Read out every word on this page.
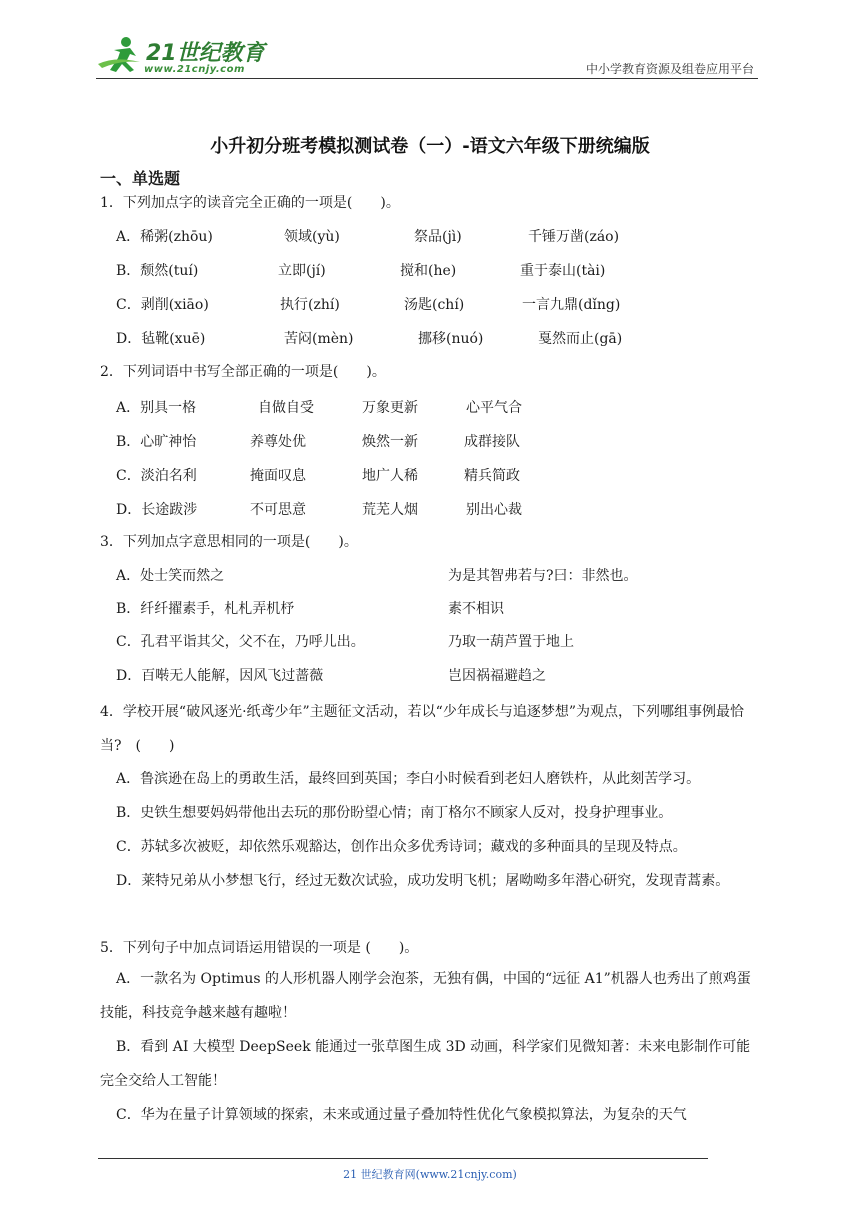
21世纪教育
www.21cnjy.com	中小学教育资源及组卷应用平台
小升初分班考模拟测试卷（一）-语文六年级下册统编版
一、单选题
1．下列加点字的读音完全正确的一项是(　　)。
A．稀粥(zhōu)	领域(yù)	祭品(jì)	千锤万凿(záo)
B．颓然(tuí)	立即(jí)	搅和(he)	重于泰山(tài)
C．剥削(xiāo)	执行(zhí)	汤匙(chí)	一言九鼎(dǐng)
D．毡靴(xuē)	苦闷(mèn)	挪移(nuó)	戛然而止(gā)
2．下列词语中书写全部正确的一项是(　　)。
A．别具一格	自做自受	万象更新	心平气合
B．心旷神怡	养尊处优	焕然一新	成群接队
C．淡泊名利	掩面叹息	地广人稀	精兵简政
D．长途跋涉	不可思意	荒芜人烟	别出心裁
3．下列加点字意思相同的一项是(　　)。
A．处士笑而然之	为是其智弗若与?曰：非然也。
B．纤纤擢素手，札札弄机杼	素不相识
C．孔君平诣其父，父不在，乃呼儿出。	乃取一葫芦置于地上
D．百啭无人能解，因风飞过蔷薇	岂因祸福避趋之
4．学校开展“破风逐光·纸鸢少年”主题征文活动，若以“少年成长与追逐梦想”为观点，下列哪组事例最恰当?　(　　)
A．鲁滨逊在岛上的勇敢生活，最终回到英国；李白小时候看到老妇人磨铁杵，从此刻苦学习。
B．史铁生想要妈妈带他出去玩的那份盼望心情；南丁格尔不顾家人反对，投身护理事业。
C．苏轼多次被贬，却依然乐观豁达，创作出众多优秀诗词；藏戏的多种面具的呈现及特点。
D．莱特兄弟从小梦想飞行，经过无数次试验，成功发明飞机；屠呦呦多年潜心研究，发现青蒿素。
5．下列句子中加点词语运用错误的一项是 (　　)。
A．一款名为 Optimus 的人形机器人刚学会泡茶，无独有偶，中国的“远征 A1”机器人也秀出了煎鸡蛋技能，科技竞争越来越有趣啦！
B．看到 AI 大模型 DeepSeek 能通过一张草图生成 3D 动画，科学家们见微知著：未来电影制作可能完全交给人工智能！
C．华为在量子计算领域的探索，未来或通过量子叠加特性优化气象模拟算法，为复杂的天气
21 世纪教育网(www.21cnjy.com)
